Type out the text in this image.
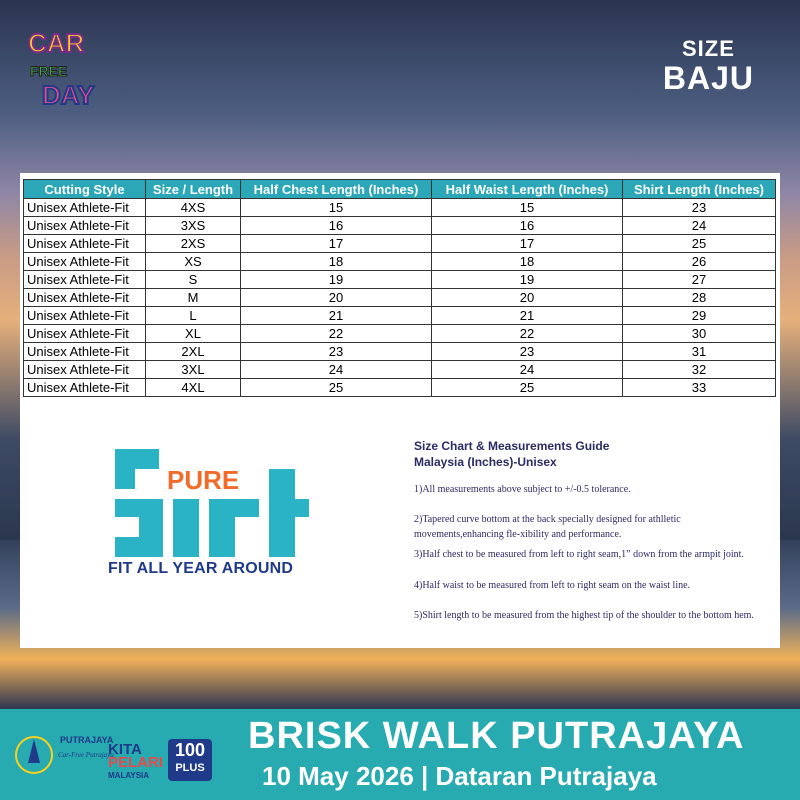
CAR
FREE
DAY
SIZE
BAJU
Cutting Style	Size / Length	Half Chest Length (Inches)	Half Waist Length (Inches)	Shirt Length (Inches)
Unisex Athlete-Fit	4XS	15	15	23
Unisex Athlete-Fit	3XS	16	16	24
Unisex Athlete-Fit	2XS	17	17	25
Unisex Athlete-Fit	XS	18	18	26
Unisex Athlete-Fit	S	19	19	27
Unisex Athlete-Fit	M	20	20	28
Unisex Athlete-Fit	L	21	21	29
Unisex Athlete-Fit	XL	22	22	30
Unisex Athlete-Fit	2XL	23	23	31
Unisex Athlete-Fit	3XL	24	24	32
Unisex Athlete-Fit	4XL	25	25	33
PURE
FIT ALL YEAR AROUND
Size Chart & Measurements Guide
Malaysia (Inches)-Unisex

1)All measurements above subject to +/-0.5 tolerance.

2)Tapered curve bottom at the back specially designed for athlletic movements,enhancing fle-xibility and performance.

3)Half chest to be measured from left to right seam,1” down from the armpit joint.

4)Half waist to be measured from left to right seam on the waist line.

5)Shirt length to be measured from the highest tip of the shoulder to the bottom hem.

PUTRAJAYA
Car-Free Putrajaya
KITA
PELARI
MALAYSIA
100
PLUS
BRISK WALK PUTRAJAYA
10 May 2026 | Dataran Putrajaya
